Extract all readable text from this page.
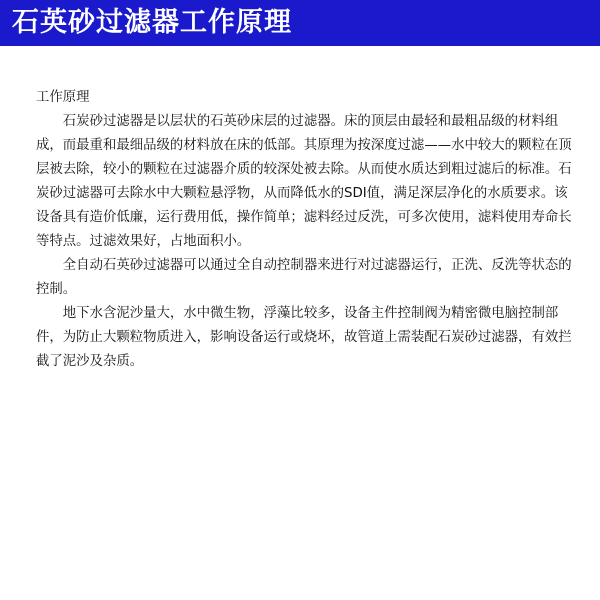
石英砂过滤器工作原理

工作原理

石炭砂过滤器是以层状的石英砂床层的过滤器。床的顶层由最轻和最粗品级的材料组成，而最重和最细品级的材料放在床的低部。其原理为按深度过滤——水中较大的颗粒在顶层被去除，较小的颗粒在过滤器介质的较深处被去除。从而使水质达到粗过滤后的标准。石炭砂过滤器可去除水中大颗粒悬浮物，从而降低水的SDI值，满足深层净化的水质要求。该设备具有造价低廉，运行费用低，操作简单；滤料经过反洗，可多次使用，滤料使用寿命长等特点。过滤效果好，占地面积小。

全自动石英砂过滤器可以通过全自动控制器来进行对过滤器运行，正洗、反洗等状态的控制。

地下水含泥沙量大，水中微生物，浮藻比较多，设备主件控制阀为精密微电脑控制部件，为防止大颗粒物质进入，影响设备运行或烧坏，故管道上需装配石炭砂过滤器，有效拦截了泥沙及杂质。
